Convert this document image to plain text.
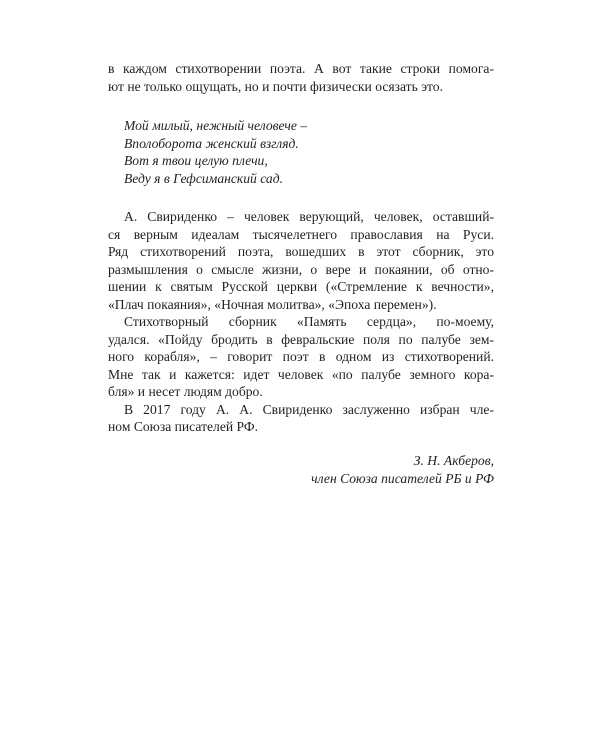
в каждом стихотворении поэта. А вот такие строки помога-
ют не только ощущать, но и почти физически осязать это.
Мой милый, нежный человече –
Вполоборота женский взгляд.
Вот я твои целую плечи,
Веду я в Гефсиманский сад.
А. Свириденко – человек верующий, человек, оставший-
ся верным идеалам тысячелетнего православия на Руси.
Ряд стихотворений поэта, вошедших в этот сборник, это
размышления о смысле жизни, о вере и покаянии, об отно-
шении к святым Русской церкви («Стремление к вечности»,
«Плач покаяния», «Ночная молитва», «Эпоха перемен»).
Стихотворный сборник «Память сердца», по-моему,
удался. «Пойду бродить в февральские поля по палубе зем-
ного корабля», – говорит поэт в одном из стихотворений.
Мне так и кажется: идет человек «по палубе земного кора-
бля» и несет людям добро.
В 2017 году А. А. Свириденко заслуженно избран чле-
ном Союза писателей РФ.
З. Н. Акберов,
член Союза писателей РБ и РФ
